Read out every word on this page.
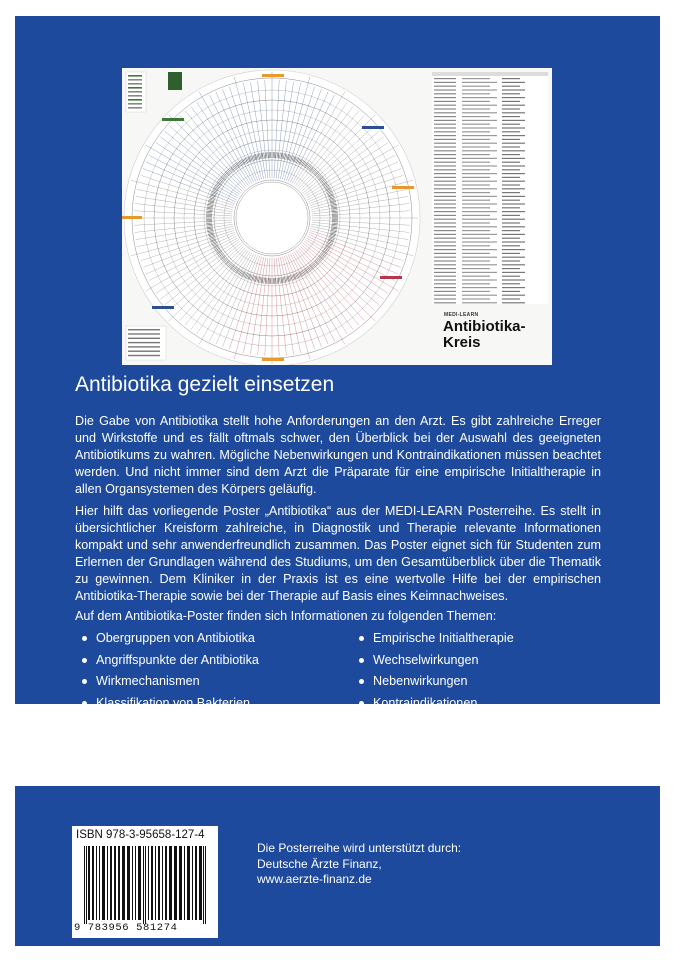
MEDI-LEARN
Antibiotika-
Kreis
Antibiotika gezielt einsetzen

Die Gabe von Antibiotika stellt hohe Anforderungen an den Arzt. Es gibt zahlreiche Erreger und Wirkstoffe und es fällt oftmals schwer, den Überblick bei der Auswahl des geeigneten Antibiotikums zu wahren. Mögliche Nebenwirkungen und Kontraindikationen müssen beachtet werden. Und nicht immer sind dem Arzt die Präparate für eine empirische Initialtherapie in allen Organsystemen des Körpers geläufig.

Hier hilft das vorliegende Poster „Antibiotika“ aus der MEDI-LEARN Posterreihe. Es stellt in übersichtlicher Kreisform zahlreiche, in Diagnostik und Therapie relevante Informationen kompakt und sehr anwenderfreundlich zusammen. Das Poster eignet sich für Studenten zum Erlernen der Grundlagen während des Studiums, um den Gesamtüberblick über die Thematik zu gewinnen. Dem Kliniker in der Praxis ist es eine wertvolle Hilfe bei der empirischen Antibiotika-Therapie sowie bei der Therapie auf Basis eines Keimnachweises.

Auf dem Antibiotika-Poster finden sich Informationen zu folgenden Themen:

Obergruppen von Antibiotika
Angriffspunkte der Antibiotika
Wirkmechanismen
Klassifikation von Bakterien
Empirische Initialtherapie
Wechselwirkungen
Nebenwirkungen
Kontraindikationen
ISBN 978-3-95658-127-4
9 783956 581274
Die Posterreihe wird unterstützt durch:
Deutsche Ärzte Finanz,
www.aerzte-finanz.de
